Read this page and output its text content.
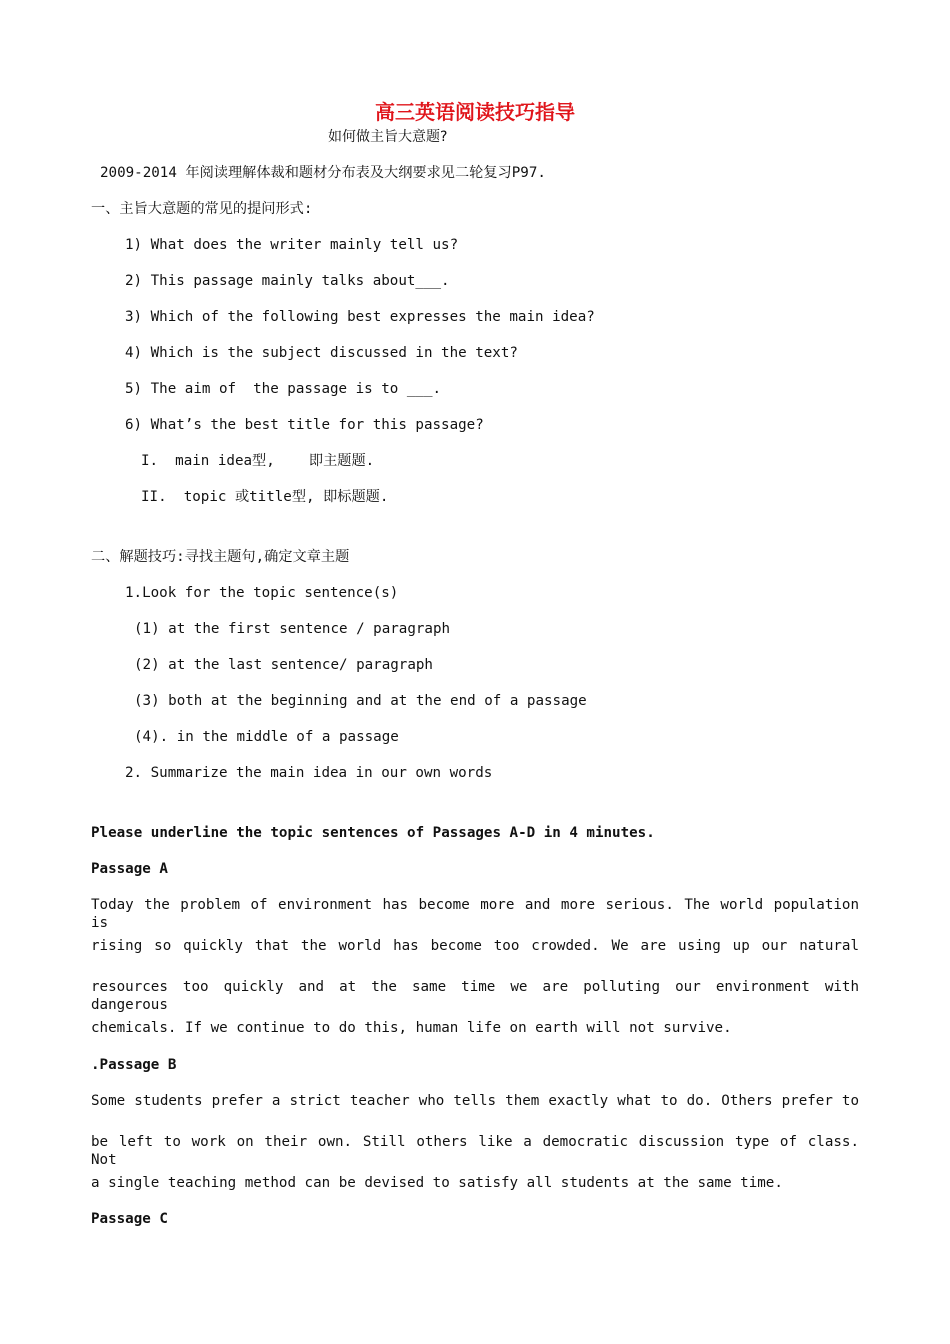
高三英语阅读技巧指导
如何做主旨大意题?
2009-2014 年阅读理解体裁和题材分布表及大纲要求见二轮复习P97.
一、主旨大意题的常见的提问形式:
1) What does the writer mainly tell us?
2) This passage mainly talks about___.
3) Which of the following best expresses the main idea?
4) Which is the subject discussed in the text?
5) The aim of  the passage is to ___.
6) What’s the best title for this passage?
I.  main idea型,    即主题题.
II.  topic 或title型, 即标题题.
二、解题技巧:寻找主题句,确定文章主题
1.Look for the topic sentence(s)
(1) at the first sentence / paragraph
(2) at the last sentence/ paragraph
(3) both at the beginning and at the end of a passage
(4). in the middle of a passage
2. Summarize the main idea in our own words
Please underline the topic sentences of Passages A-D in 4 minutes.
Passage A
Today the problem of environment has become more and more serious. The world population is
rising so quickly that the world has become too crowded. We are using up our natural
resources too quickly and at the same time we are polluting our environment with dangerous
chemicals. If we continue to do this, human life on earth will not survive.
.Passage B
Some students prefer a strict teacher who tells them exactly what to do. Others prefer to
be left to work on their own. Still others like a democratic discussion type of class. Not
a single teaching method can be devised to satisfy all students at the same time.
Passage C
